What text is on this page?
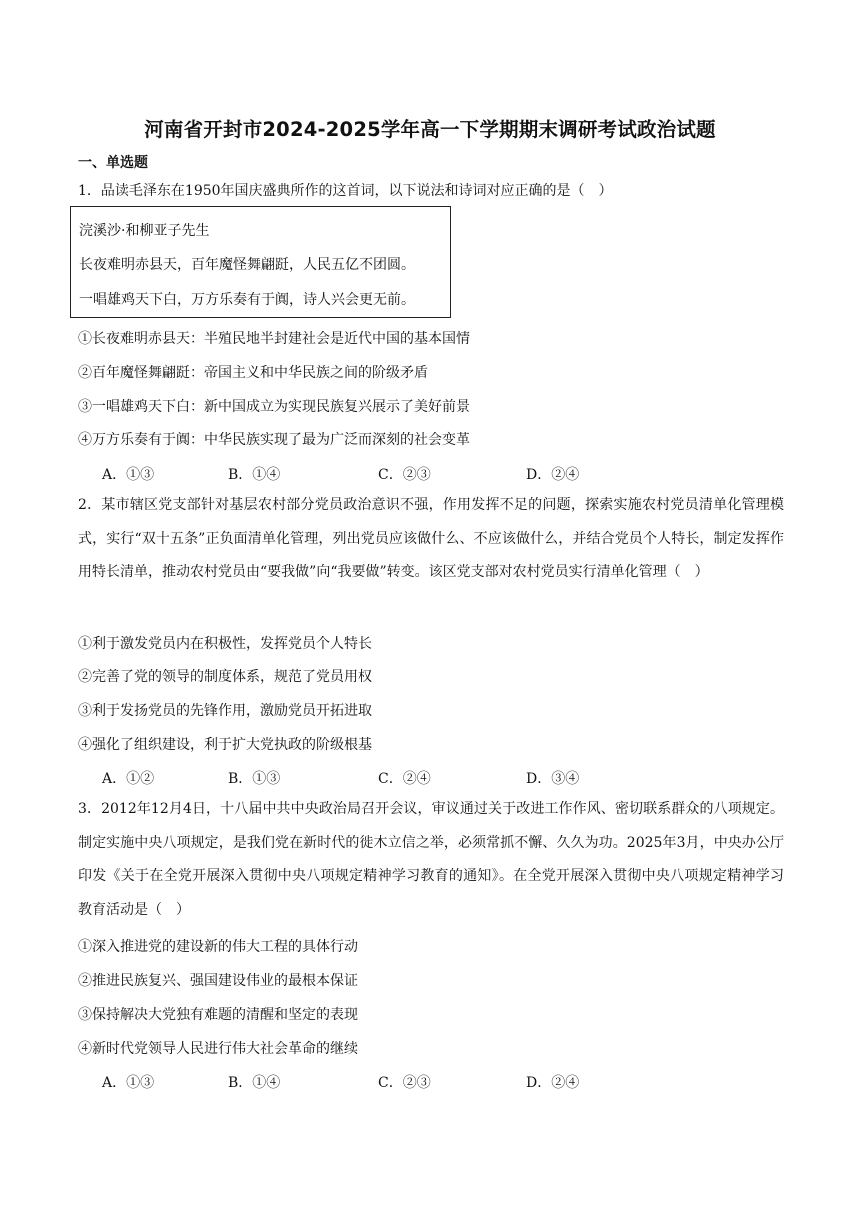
河南省开封市2024-2025学年高一下学期期末调研考试政治试题
一、单选题
1．品读毛泽东在1950年国庆盛典所作的这首词，以下说法和诗词对应正确的是（　）
浣溪沙·和柳亚子先生
长夜难明赤县天，百年魔怪舞翩跹，人民五亿不团圆。
一唱雄鸡天下白，万方乐奏有于阗，诗人兴会更无前。
①长夜难明赤县天：半殖民地半封建社会是近代中国的基本国情
②百年魔怪舞翩跹：帝国主义和中华民族之间的阶级矛盾
③一唱雄鸡天下白：新中国成立为实现民族复兴展示了美好前景
④万方乐奏有于阗：中华民族实现了最为广泛而深刻的社会变革
A．①③	B．①④	C．②③	D．②④
2．某市辖区党支部针对基层农村部分党员政治意识不强，作用发挥不足的问题，探索实施农村党员清单化管理模式，实行“双十五条”正负面清单化管理，列出党员应该做什么、不应该做什么，并结合党员个人特长，制定发挥作用特长清单，推动农村党员由“要我做”向“我要做”转变。该区党支部对农村党员实行清单化管理（　）
①利于激发党员内在积极性，发挥党员个人特长
②完善了党的领导的制度体系，规范了党员用权
③利于发扬党员的先锋作用，激励党员开拓进取
④强化了组织建设，利于扩大党执政的阶级根基
A．①②	B．①③	C．②④	D．③④
3．2012年12月4日，十八届中共中央政治局召开会议，审议通过关于改进工作作风、密切联系群众的八项规定。制定实施中央八项规定，是我们党在新时代的徙木立信之举，必须常抓不懈、久久为功。2025年3月，中央办公厅印发《关于在全党开展深入贯彻中央八项规定精神学习教育的通知》。在全党开展深入贯彻中央八项规定精神学习教育活动是（　）
①深入推进党的建设新的伟大工程的具体行动
②推进民族复兴、强国建设伟业的最根本保证
③保持解决大党独有难题的清醒和坚定的表现
④新时代党领导人民进行伟大社会革命的继续
A．①③	B．①④	C．②③	D．②④
